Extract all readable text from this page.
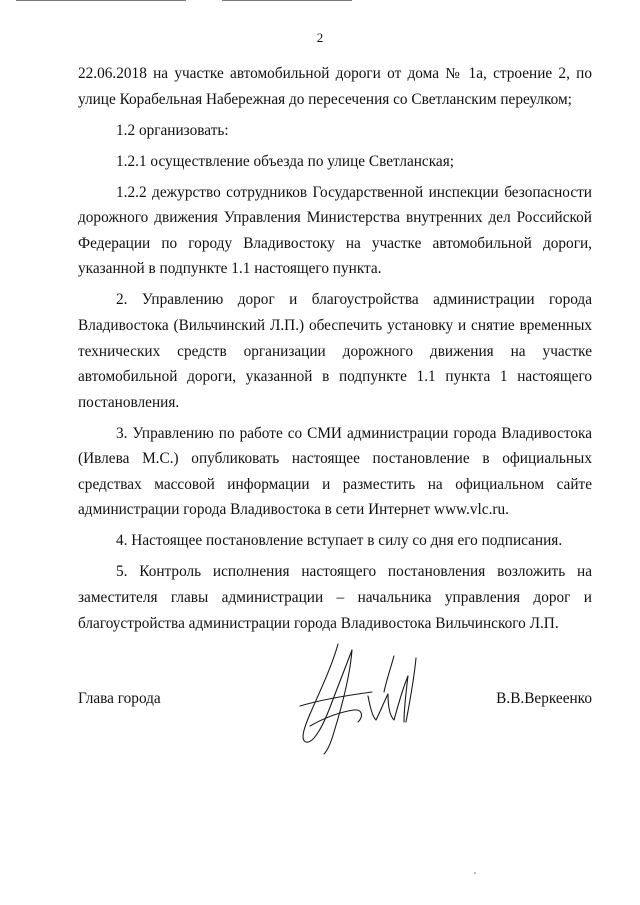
2

22.06.2018 на участке автомобильной дороги от дома № 1а, строение 2, по улице Корабельная Набережная до пересечения со Светланским переулком;

1.2 организовать:

1.2.1 осуществление объезда по улице Светланская;

1.2.2 дежурство сотрудников Государственной инспекции безопасности дорожного движения Управления Министерства внутренних дел Российской Федерации по городу Владивостоку на участке автомобильной дороги, указанной в подпункте 1.1 настоящего пункта.

2. Управлению дорог и благоустройства администрации города Владивостока (Вильчинский Л.П.) обеспечить установку и снятие временных технических средств организации дорожного движения на участке автомобильной дороги, указанной в подпункте 1.1 пункта 1 настоящего постановления.

3. Управлению по работе со СМИ администрации города Владивостока (Ивлева М.С.) опубликовать настоящее постановление в официальных средствах массовой информации и разместить на официальном сайте администрации города Владивостока в сети Интернет www.vlc.ru.

4. Настоящее постановление вступает в силу со дня его подписания.

5. Контроль исполнения настоящего постановления возложить на заместителя главы администрации – начальника управления дорог и благоустройства администрации города Владивостока Вильчинского Л.П.

Глава города	В.В.Веркеенко
